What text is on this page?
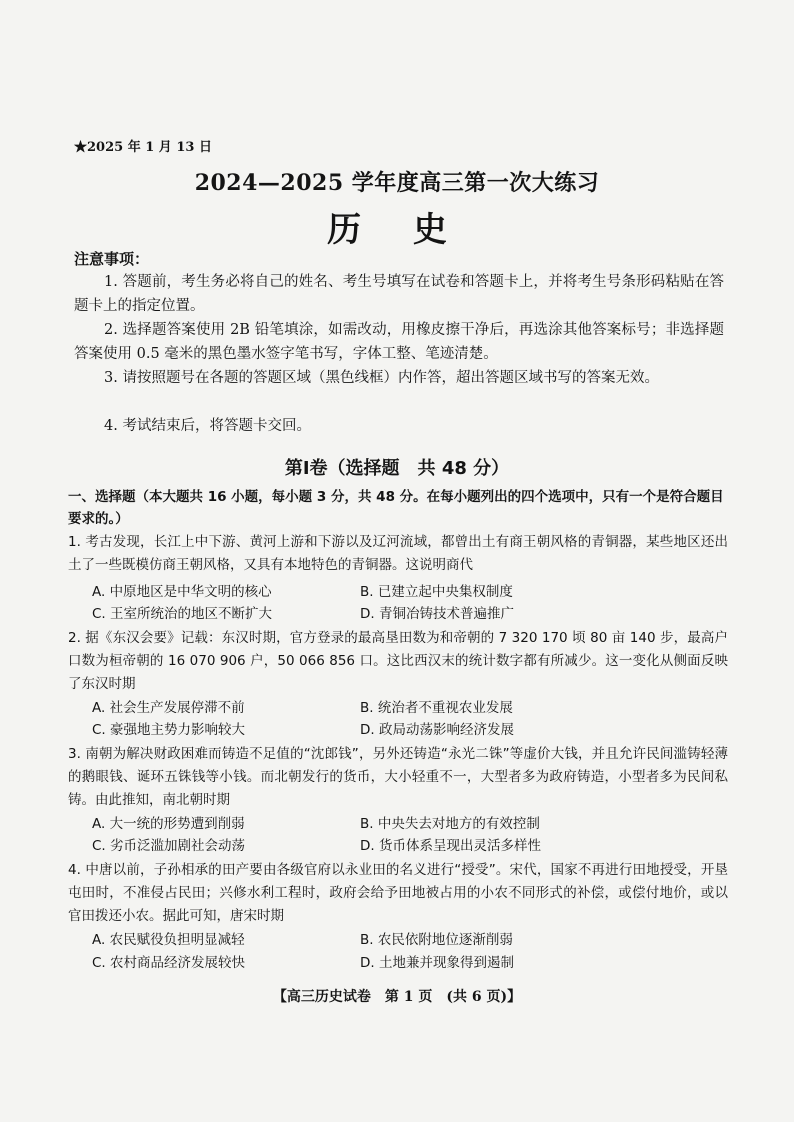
★2025 年 1 月 13 日
2024—2025 学年度高三第一次大练习
历 史
注意事项：
1. 答题前，考生务必将自己的姓名、考生号填写在试卷和答题卡上，并将考生号条形码粘贴在答题卡上的指定位置。
2. 选择题答案使用 2B 铅笔填涂，如需改动，用橡皮擦干净后，再选涂其他答案标号；非选择题答案使用 0.5 毫米的黑色墨水签字笔书写，字体工整、笔迹清楚。
3. 请按照题号在各题的答题区域（黑色线框）内作答，超出答题区域书写的答案无效。
4. 考试结束后，将答题卡交回。
第Ⅰ卷（选择题　共 48 分）
一、选择题（本大题共 16 小题，每小题 3 分，共 48 分。在每小题列出的四个选项中，只有一个是符合题目要求的。）
1. 考古发现，长江上中下游、黄河上游和下游以及辽河流域，都曾出土有商王朝风格的青铜器，某些地区还出土了一些既模仿商王朝风格，又具有本地特色的青铜器。这说明商代
A. 中原地区是中华文明的核心	B. 已建立起中央集权制度
C. 王室所统治的地区不断扩大	D. 青铜冶铸技术普遍推广
2. 据《东汉会要》记载：东汉时期，官方登录的最高垦田数为和帝朝的 7 320 170 顷 80 亩 140 步，最高户口数为桓帝朝的 16 070 906 户，50 066 856 口。这比西汉末的统计数字都有所减少。这一变化从侧面反映了东汉时期
A. 社会生产发展停滞不前	B. 统治者不重视农业发展
C. 豪强地主势力影响较大	D. 政局动荡影响经济发展
3. 南朝为解决财政困难而铸造不足值的“沈郎钱”，另外还铸造“永光二铢”等虚价大钱，并且允许民间滥铸轻薄的鹅眼钱、诞环五铢钱等小钱。而北朝发行的货币，大小轻重不一，大型者多为政府铸造，小型者多为民间私铸。由此推知，南北朝时期
A. 大一统的形势遭到削弱	B. 中央失去对地方的有效控制
C. 劣币泛滥加剧社会动荡	D. 货币体系呈现出灵活多样性
4. 中唐以前，子孙相承的田产要由各级官府以永业田的名义进行“授受”。宋代，国家不再进行田地授受，开垦屯田时，不准侵占民田；兴修水利工程时，政府会给予田地被占用的小农不同形式的补偿，或偿付地价，或以官田拨还小农。据此可知，唐宋时期
A. 农民赋役负担明显减轻	B. 农民依附地位逐渐削弱
C. 农村商品经济发展较快	D. 土地兼并现象得到遏制
【高三历史试卷　第 1 页　(共 6 页)】
